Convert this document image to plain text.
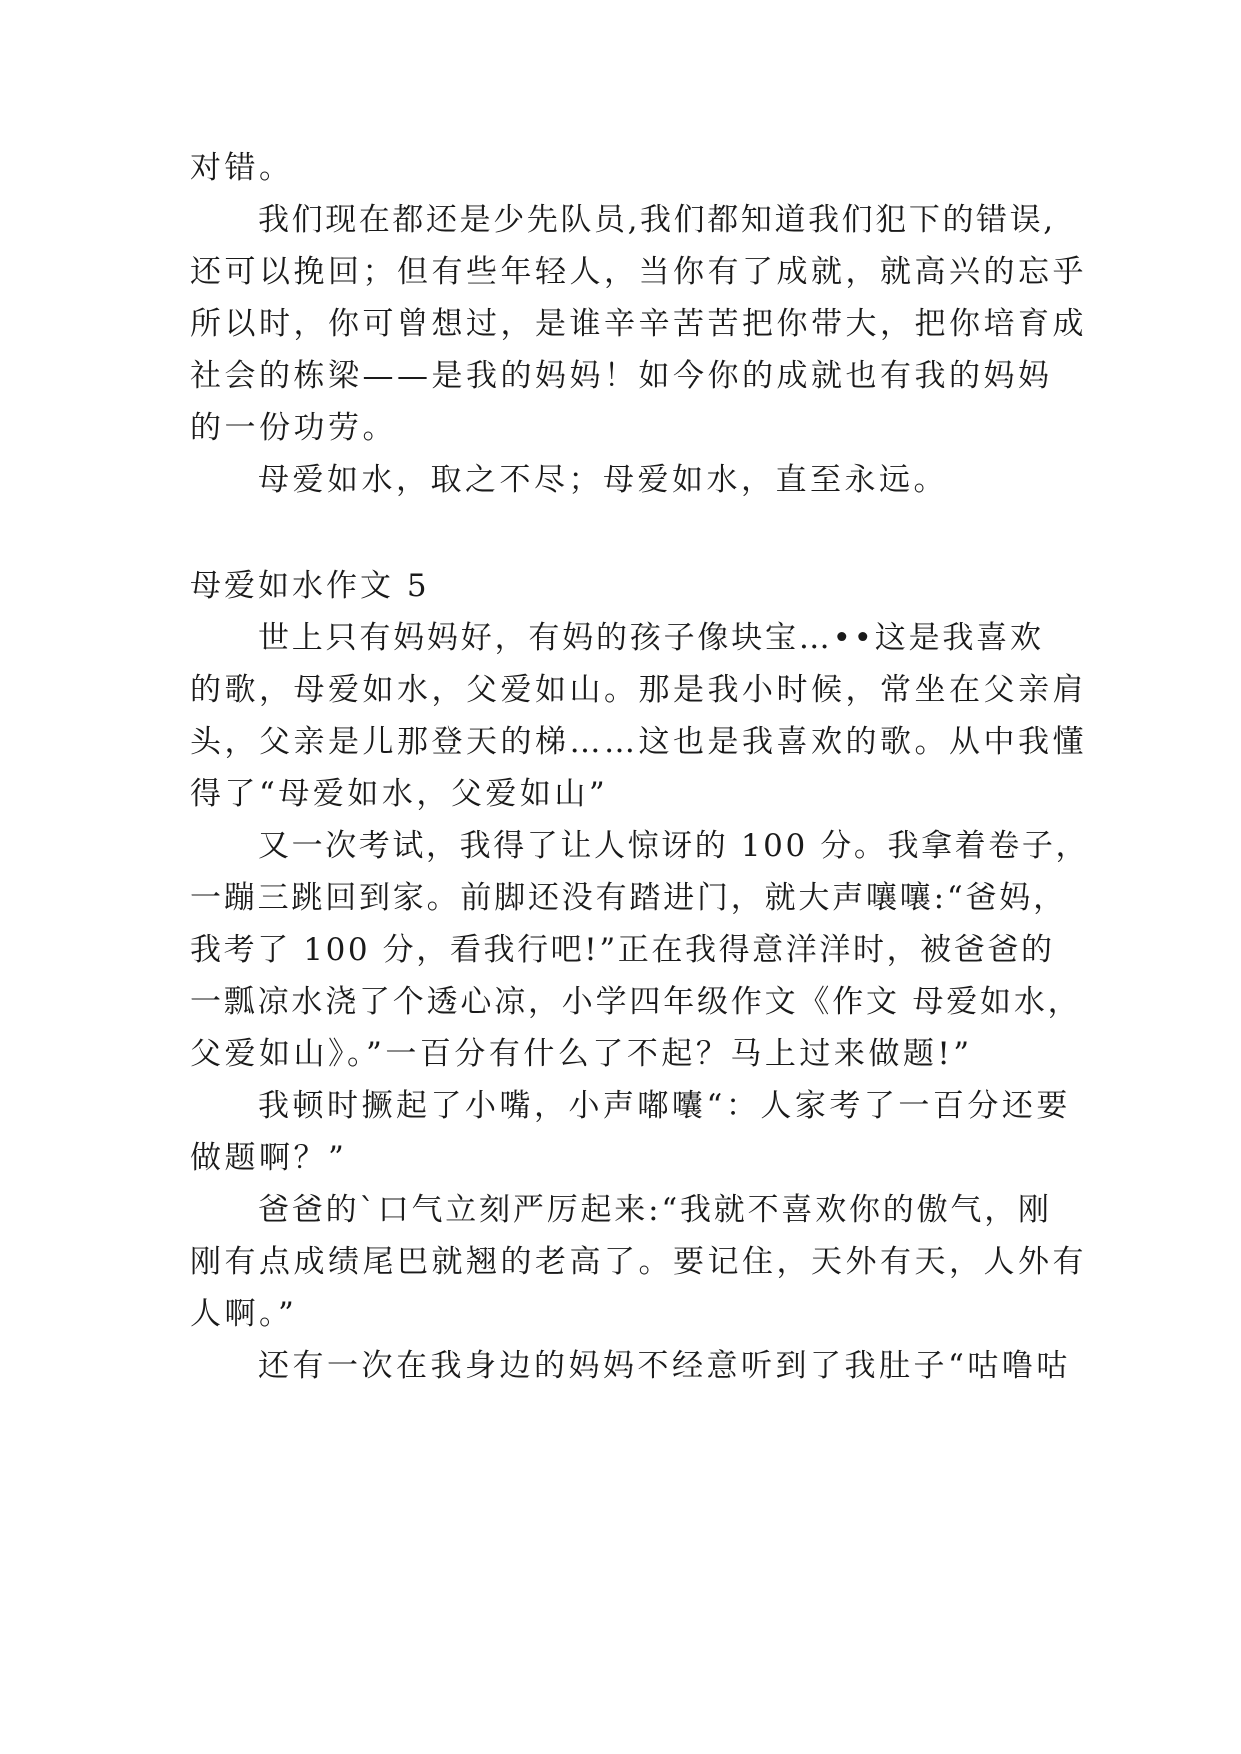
对错。
我们现在都还是少先队员,我们都知道我们犯下的错误,
还可以挽回；但有些年轻人，当你有了成就，就高兴的忘乎
所以时，你可曾想过，是谁辛辛苦苦把你带大，把你培育成
社会的栋梁——是我的妈妈！如今你的成就也有我的妈妈
的一份功劳。
母爱如水，取之不尽；母爱如水，直至永远。
母爱如水作文 5
世上只有妈妈好，有妈的孩子像块宝…••这是我喜欢
的歌，母爱如水，父爱如山。那是我小时候，常坐在父亲肩
头，父亲是儿那登天的梯……这也是我喜欢的歌。从中我懂
得了“母爱如水，父爱如山”
又一次考试，我得了让人惊讶的 100 分。我拿着卷子，
一蹦三跳回到家。前脚还没有踏进门，就大声嚷嚷:“爸妈，
我考了 100 分，看我行吧!”正在我得意洋洋时，被爸爸的
一瓢凉水浇了个透心凉，小学四年级作文《作文 母爱如水，
父爱如山》。”一百分有什么了不起？马上过来做题!”
我顿时撅起了小嘴，小声嘟囔“：人家考了一百分还要
做题啊？”
爸爸的`口气立刻严厉起来:“我就不喜欢你的傲气，刚
刚有点成绩尾巴就翘的老高了。要记住，天外有天，人外有
人啊。”
还有一次在我身边的妈妈不经意听到了我肚子“咕噜咕
